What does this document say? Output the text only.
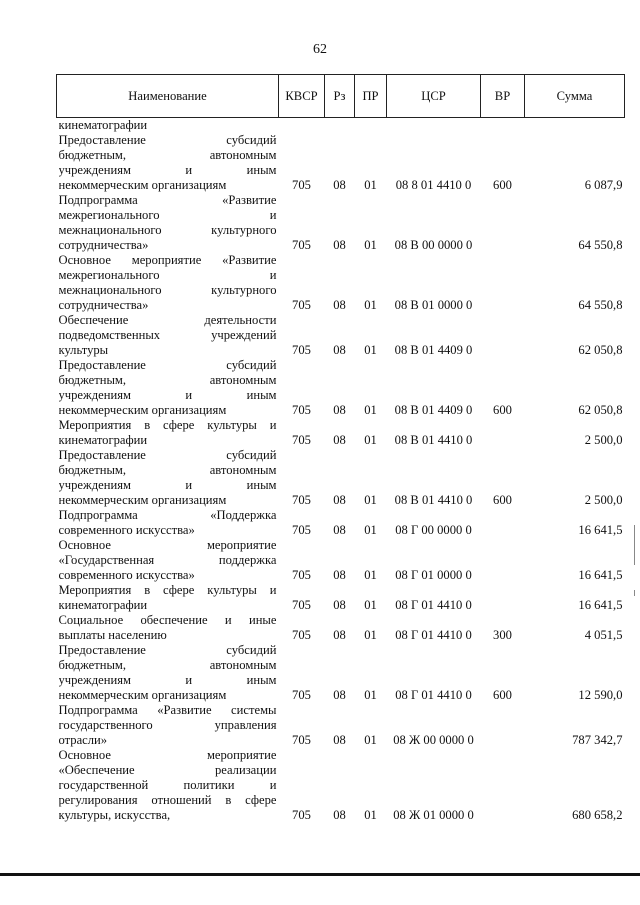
62
Наименование	КВСР	Рз	ПР	ЦСР	ВР	Сумма

кинематографии						

Предоставление субсидий
бюджетным, автономным
учреждениям и иным
некоммерческим организациям	705	08	01	08 8 01 4410 0	600	6 087,9

Подпрограмма «Развитие
межрегионального и
межнационального культурного
сотрудничества»	705	08	01	08 В 00 0000 0		64 550,8

Основное мероприятие «Развитие
межрегионального и
межнационального культурного
сотрудничества»	705	08	01	08 В 01 0000 0		64 550,8

Обеспечение деятельности
подведомственных учреждений
культуры	705	08	01	08 В 01 4409 0		62 050,8

Предоставление субсидий
бюджетным, автономным
учреждениям и иным
некоммерческим организациям	705	08	01	08 В 01 4409 0	600	62 050,8

Мероприятия в сфере культуры и
кинематографии	705	08	01	08 В 01 4410 0		2 500,0

Предоставление субсидий
бюджетным, автономным
учреждениям и иным
некоммерческим организациям	705	08	01	08 В 01 4410 0	600	2 500,0

Подпрограмма «Поддержка
современного искусства»	705	08	01	08 Г 00 0000 0		16 641,5

Основное мероприятие
«Государственная поддержка
современного искусства»	705	08	01	08 Г 01 0000 0		16 641,5

Мероприятия в сфере культуры и
кинематографии	705	08	01	08 Г 01 4410 0		16 641,5

Социальное обеспечение и иные
выплаты населению	705	08	01	08 Г 01 4410 0	300	4 051,5

Предоставление субсидий
бюджетным, автономным
учреждениям и иным
некоммерческим организациям	705	08	01	08 Г 01 4410 0	600	12 590,0

Подпрограмма «Развитие системы
государственного управления
отрасли»	705	08	01	08 Ж 00 0000 0		787 342,7

Основное мероприятие
«Обеспечение реализации
государственной политики и
регулирования отношений в сфере
культуры, искусства,	705	08	01	08 Ж 01 0000 0		680 658,2
